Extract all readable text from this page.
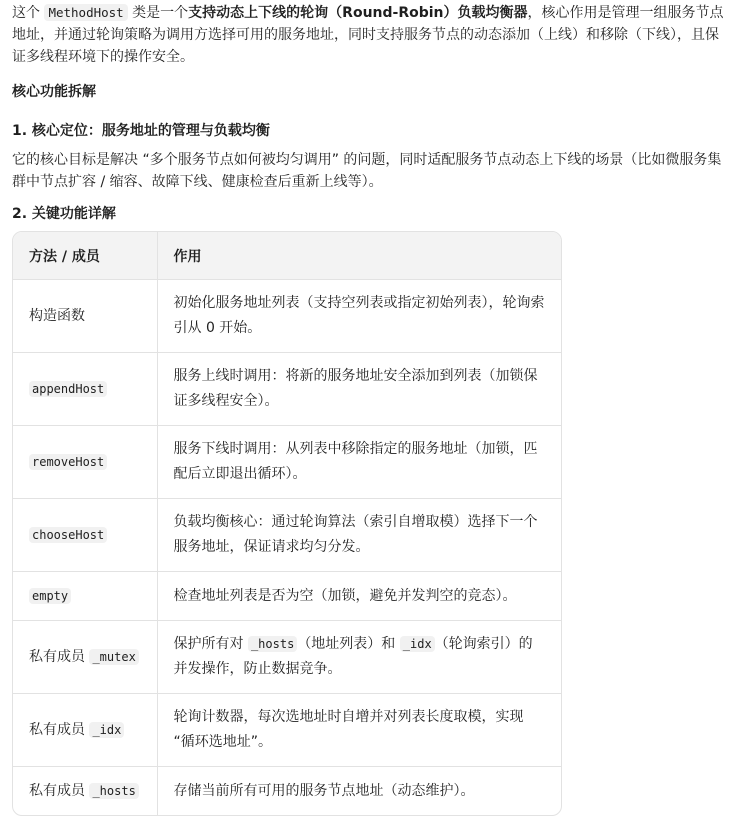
这个 MethodHost 类是一个支持动态上下线的轮询（Round-Robin）负载均衡器，核心作用是管理一组服务节点地址，并通过轮询策略为调用方选择可用的服务地址，同时支持服务节点的动态添加（上线）和移除（下线），且保证多线程环境下的操作安全。

核心功能拆解

1. 核心定位：服务地址的管理与负载均衡

它的核心目标是解决 “多个服务节点如何被均匀调用” 的问题，同时适配服务节点动态上下线的场景（比如微服务集群中节点扩容 / 缩容、故障下线、健康检查后重新上线等）。

2. 关键功能详解

方法 / 成员	作用
构造函数	初始化服务地址列表（支持空列表或指定初始列表），轮询索引从 0 开始。
appendHost	服务上线时调用：将新的服务地址安全添加到列表（加锁保证多线程安全）。
removeHost	服务下线时调用：从列表中移除指定的服务地址（加锁，匹配后立即退出循环）。
chooseHost	负载均衡核心：通过轮询算法（索引自增取模）选择下一个服务地址，保证请求均匀分发。
empty	检查地址列表是否为空（加锁，避免并发判空的竞态）。
私有成员 _mutex	保护所有对 _hosts （地址列表）和 _idx （轮询索引）的并发操作，防止数据竞争。
私有成员 _idx	轮询计数器，每次选地址时自增并对列表长度取模，实现 “循环选地址”。
私有成员 _hosts	存储当前所有可用的服务节点地址（动态维护）。
